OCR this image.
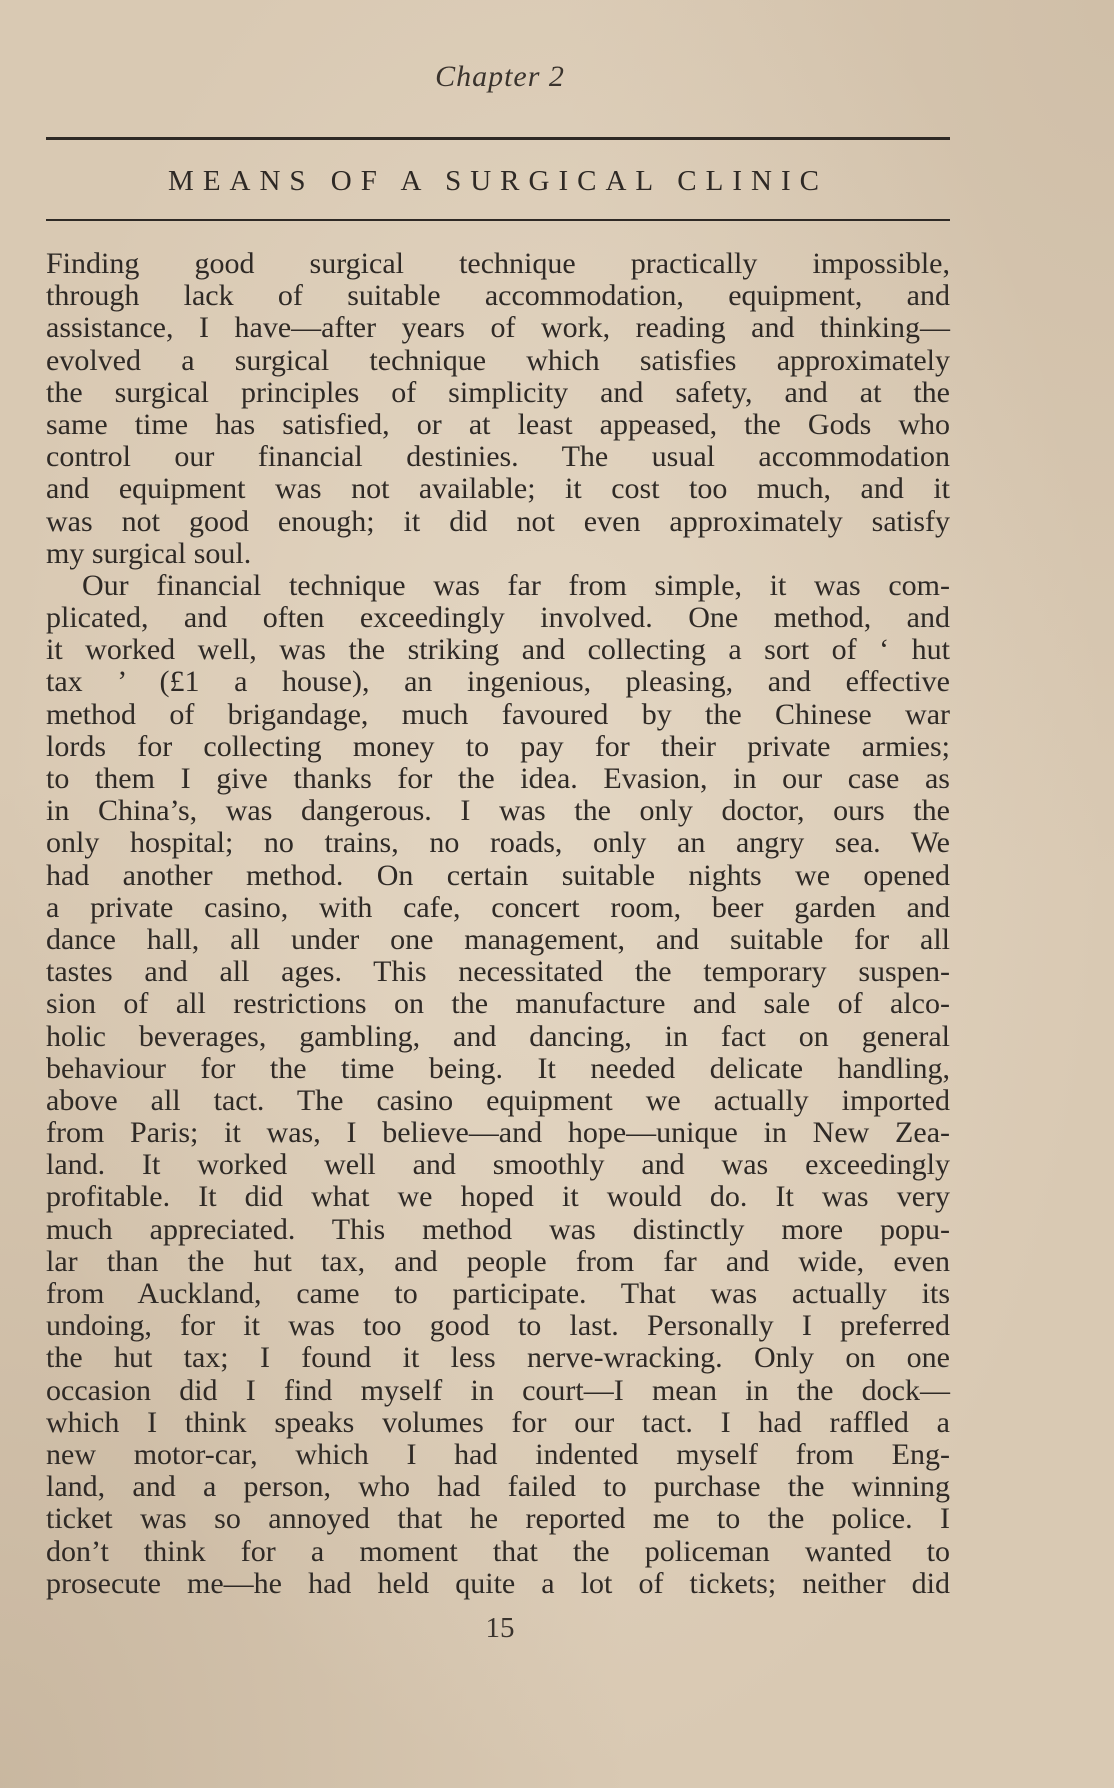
Chapter 2
MEANS OF A SURGICAL CLINIC
Finding good surgical technique practically impossible,
through lack of suitable accommodation, equipment, and
assistance, I have—after years of work, reading and thinking—
evolved a surgical technique which satisfies approximately
the surgical principles of simplicity and safety, and at the
same time has satisfied, or at least appeased, the Gods who
control our financial destinies. The usual accommodation
and equipment was not available; it cost too much, and it
was not good enough; it did not even approximately satisfy
my surgical soul.
Our financial technique was far from simple, it was com-
plicated, and often exceedingly involved. One method, and
it worked well, was the striking and collecting a sort of ‘ hut
tax ’ (£1 a house), an ingenious, pleasing, and effective
method of brigandage, much favoured by the Chinese war
lords for collecting money to pay for their private armies;
to them I give thanks for the idea. Evasion, in our case as
in China’s, was dangerous. I was the only doctor, ours the
only hospital; no trains, no roads, only an angry sea. We
had another method. On certain suitable nights we opened
a private casino, with cafe, concert room, beer garden and
dance hall, all under one management, and suitable for all
tastes and all ages. This necessitated the temporary suspen-
sion of all restrictions on the manufacture and sale of alco-
holic beverages, gambling, and dancing, in fact on general
behaviour for the time being. It needed delicate handling,
above all tact. The casino equipment we actually imported
from Paris; it was, I believe—and hope—unique in New Zea-
land. It worked well and smoothly and was exceedingly
profitable. It did what we hoped it would do. It was very
much appreciated. This method was distinctly more popu-
lar than the hut tax, and people from far and wide, even
from Auckland, came to participate. That was actually its
undoing, for it was too good to last. Personally I preferred
the hut tax; I found it less nerve-wracking. Only on one
occasion did I find myself in court—I mean in the dock—
which I think speaks volumes for our tact. I had raffled a
new motor-car, which I had indented myself from Eng-
land, and a person, who had failed to purchase the winning
ticket was so annoyed that he reported me to the police. I
don’t think for a moment that the policeman wanted to
prosecute me—he had held quite a lot of tickets; neither did
15
